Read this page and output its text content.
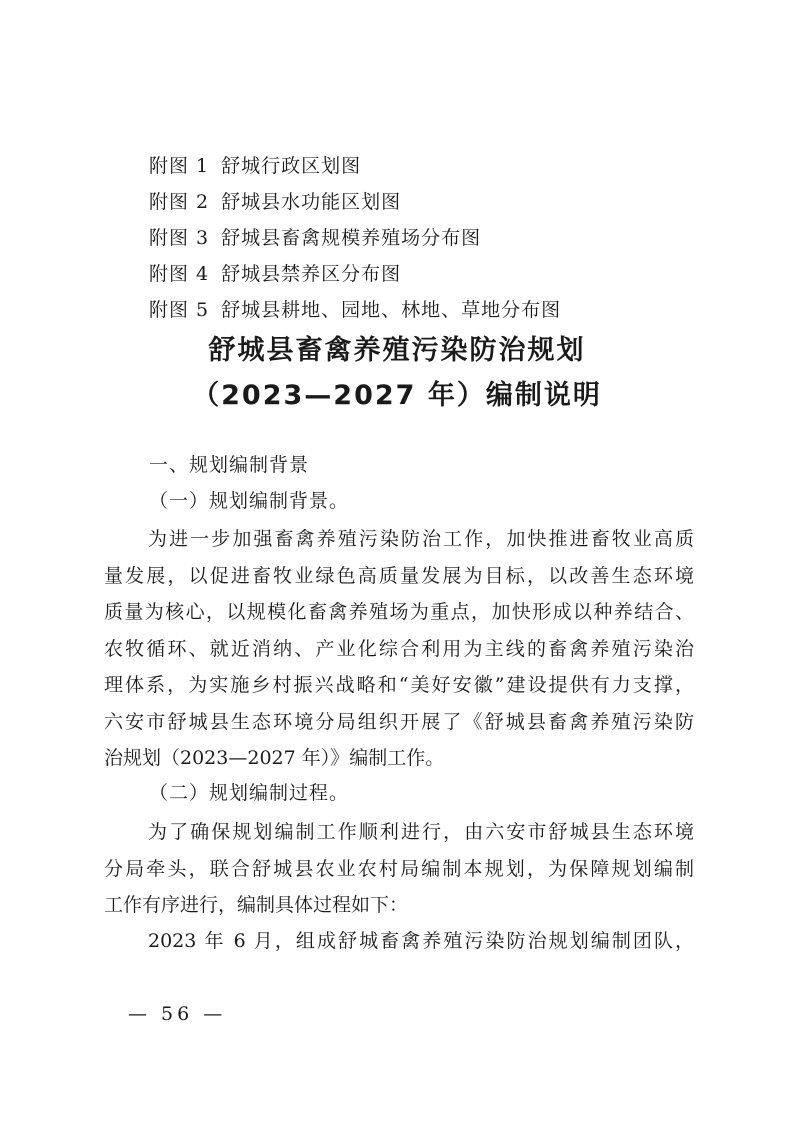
附图 1 舒城行政区划图
附图 2 舒城县水功能区划图
附图 3 舒城县畜禽规模养殖场分布图
附图 4 舒城县禁养区分布图
附图 5 舒城县耕地、园地、林地、草地分布图
舒城县畜禽养殖污染防治规划
（2023—2027 年）编制说明
一、规划编制背景
（一）规划编制背景。
为进一步加强畜禽养殖污染防治工作，加快推进畜牧业高质
量发展，以促进畜牧业绿色高质量发展为目标，以改善生态环境
质量为核心，以规模化畜禽养殖场为重点，加快形成以种养结合、
农牧循环、就近消纳、产业化综合利用为主线的畜禽养殖污染治
理体系，为实施乡村振兴战略和“美好安徽”建设提供有力支撑，
六安市舒城县生态环境分局组织开展了《舒城县畜禽养殖污染防
治规划（2023—2027 年）》编制工作。
（二）规划编制过程。
为了确保规划编制工作顺利进行，由六安市舒城县生态环境
分局牵头，联合舒城县农业农村局编制本规划，为保障规划编制
工作有序进行，编制具体过程如下：
2023 年 6 月，组成舒城畜禽养殖污染防治规划编制团队，
— 56 —
